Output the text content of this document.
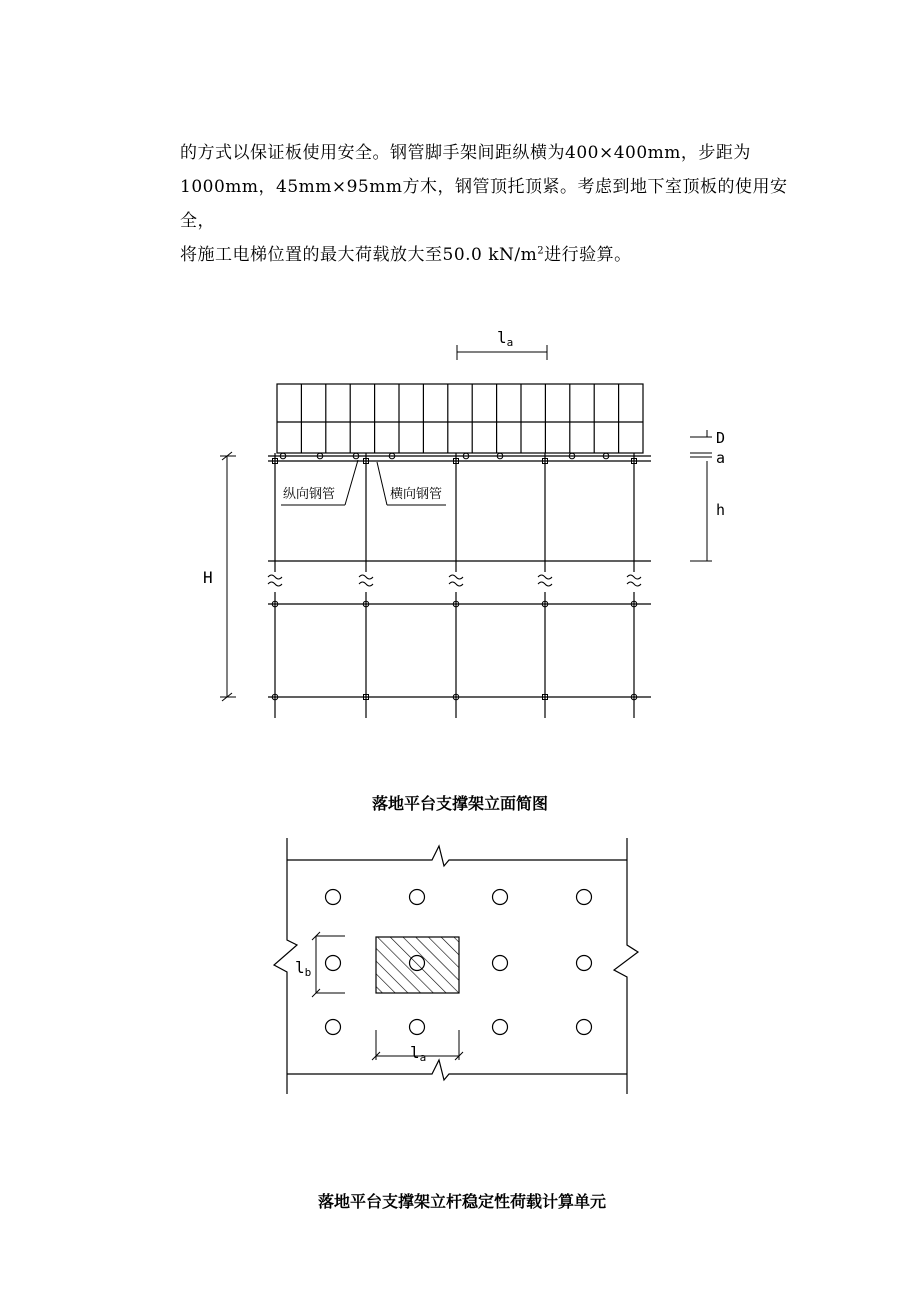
的方式以保证板使用安全。钢管脚手架间距纵横为400×400mm，步距为
1000mm，45mm×95mm方木，钢管顶托顶紧。考虑到地下室顶板的使用安全，
将施工电梯位置的最大荷载放大至50.0 $kN/m^2$进行验算。

la
纵向钢管	横向钢管
H
D
a
h

落地平台支撑架立面简图

lb
la

落地平台支撑架立杆稳定性荷载计算单元
